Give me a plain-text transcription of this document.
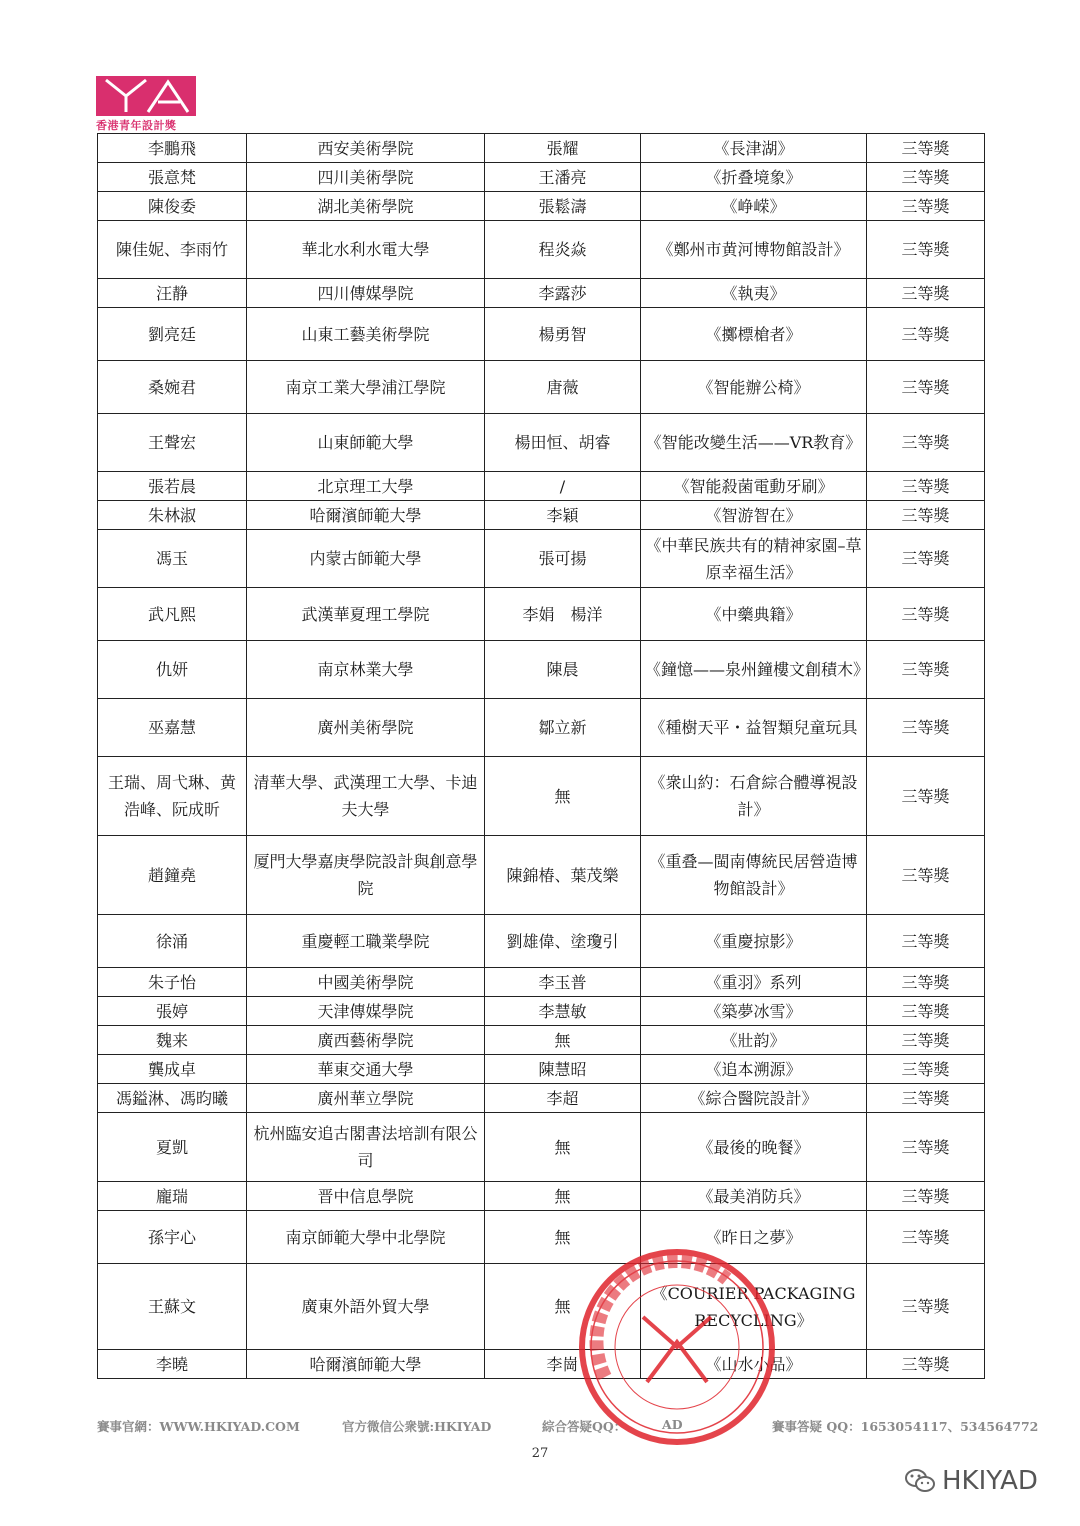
香港青年設計獎
李鵬飛	西安美術學院	張耀	《長津湖》	三等獎
張意梵	四川美術學院	王潘亮	《折叠境象》	三等獎
陳俊委	湖北美術學院	張鬆濤	《峥嵘》	三等獎
陳佳妮、李雨竹	華北水利水電大學	程炎焱	《鄭州市黄河博物館設計》	三等獎
汪静	四川傳媒學院	李露莎	《執夷》	三等獎
劉亮廷	山東工藝美術學院	楊勇智	《擲標槍者》	三等獎
桑婉君	南京工業大學浦江學院	唐薇	《智能辦公椅》	三等獎
王聲宏	山東師範大學	楊田恒、胡睿	《智能改變生活——VR教育》	三等獎
張若晨	北京理工大學	/	《智能殺菌電動牙刷》	三等獎
朱林淑	哈爾濱師範大學	李穎	《智游智在》	三等獎
馮玉	内蒙古師範大學	張可揚	《中華民族共有的精神家園–草原幸福生活》	三等獎
武凡熙	武漢華夏理工學院	李娟　楊洋	《中藥典籍》	三等獎
仇妍	南京林業大學	陳晨	《鐘憶——泉州鐘樓文創積木》	三等獎
巫嘉慧	廣州美術學院	鄒立新	《種樹天平・益智類兒童玩具	三等獎
王瑞、周弋琳、黄浩峰、阮成昕	清華大學、武漢理工大學、卡迪夫大學	無	《衆山約：石倉綜合體導視設計》	三等獎
趙鐘堯	厦門大學嘉庚學院設計與創意學院	陳錦椿、葉茂樂	《重叠—閩南傳統民居營造博物館設計》	三等獎
徐涌	重慶輕工職業學院	劉雄偉、塗瓊引	《重慶掠影》	三等獎
朱子怡	中國美術學院	李玉普	《重羽》系列	三等獎
張婷	天津傳媒學院	李慧敏	《築夢冰雪》	三等獎
魏来	廣西藝術學院	無	《壯韵》	三等獎
龔成卓	華東交通大學	陳慧昭	《追本溯源》	三等獎
馮鎰淋、馮昀曦	廣州華立學院	李超	《綜合醫院設計》	三等獎
夏凱	杭州臨安追古閣書法培訓有限公司	無	《最後的晚餐》	三等獎
龐瑞	晋中信息學院	無	《最美消防兵》	三等獎
孫宇心	南京師範大學中北學院	無	《昨日之夢》	三等獎
王蘇文	廣東外語外貿大學	無	《COURIER PACKAGING RECYCLING》	三等獎
李曉	哈爾濱師範大學	李崗	《山水小品》	三等獎
賽事官網：WWW.HKIYAD.COM	官方微信公衆號:HKIYAD	綜合答疑QQ：	AD	賽事答疑 QQ：1653054117、534564772
27
HKIYAD
